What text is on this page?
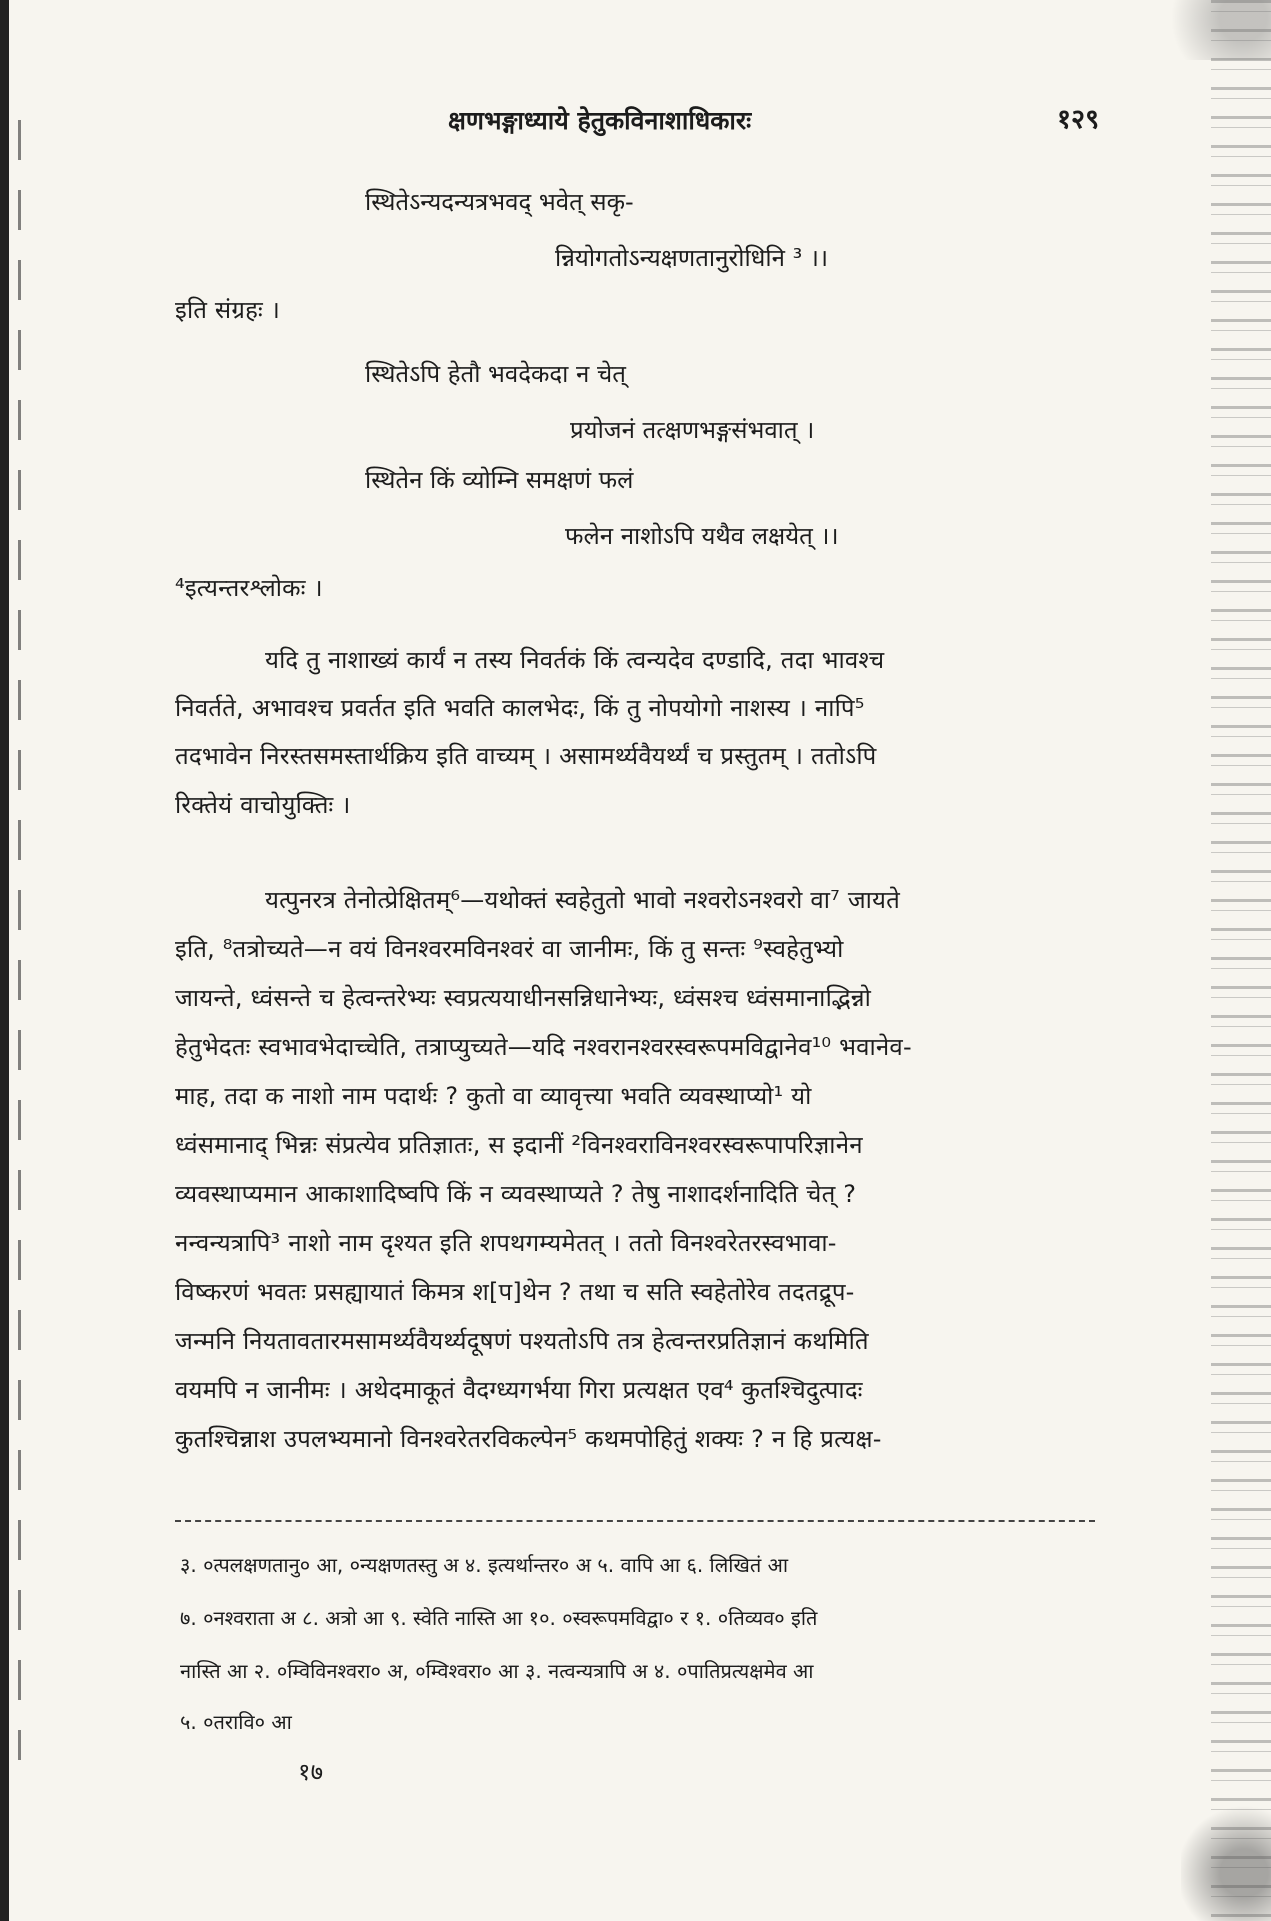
क्षणभङ्गाध्याये हेतुकविनाशाधिकारः	१२९
स्थितेऽन्यदन्यत्रभवद् भवेत् सकृ-
न्नियोगतोऽन्यक्षणतानुरोधिनि ³ ।।
इति संग्रहः ।
स्थितेऽपि हेतौ भवदेकदा न चेत्
प्रयोजनं तत्क्षणभङ्गसंभवात् ।
स्थितेन किं व्योम्नि समक्षणं फलं
फलेन नाशोऽपि यथैव लक्षयेत् ।।
⁴इत्यन्तरश्लोकः ।
यदि तु नाशाख्यं कार्यं न तस्य निवर्तकं किं त्वन्यदेव दण्डादि, तदा भावश्च
निवर्तते, अभावश्च प्रवर्तत इति भवति कालभेदः, किं तु नोपयोगो नाशस्य । नापि⁵
तदभावेन निरस्तसमस्तार्थक्रिय इति वाच्यम् । असामर्थ्यवैयर्थ्यं च प्रस्तुतम् । ततोऽपि
रिक्तेयं वाचोयुक्तिः ।
यत्पुनरत्र तेनोत्प्रेक्षितम्⁶—यथोक्तं स्वहेतुतो भावो नश्वरोऽनश्वरो वा⁷ जायते
इति, ⁸तत्रोच्यते—न वयं विनश्वरमविनश्वरं वा जानीमः, किं तु सन्तः ⁹स्वहेतुभ्यो
जायन्ते, ध्वंसन्ते च हेत्वन्तरेभ्यः स्वप्रत्ययाधीनसन्निधानेभ्यः, ध्वंसश्च ध्वंसमानाद्भिन्नो
हेतुभेदतः स्वभावभेदाच्चेति, तत्राप्युच्यते—यदि नश्वरानश्वरस्वरूपमविद्वानेव¹⁰ भवानेव-
माह, तदा क नाशो नाम पदार्थः ? कुतो वा व्यावृत्त्या भवति व्यवस्थाप्यो¹ यो
ध्वंसमानाद् भिन्नः संप्रत्येव प्रतिज्ञातः, स इदानीं ²विनश्वराविनश्वरस्वरूपापरिज्ञानेन
व्यवस्थाप्यमान आकाशादिष्वपि किं न व्यवस्थाप्यते ? तेषु नाशादर्शनादिति चेत् ?
नन्वन्यत्रापि³ नाशो नाम दृश्यत इति शपथगम्यमेतत् । ततो विनश्वरेतरस्वभावा-
विष्करणं भवतः प्रसह्यायातं किमत्र श[प]थेन ? तथा च सति स्वहेतोरेव तदतद्रूप-
जन्मनि नियतावतारमसामर्थ्यवैयर्थ्यदूषणं पश्यतोऽपि तत्र हेत्वन्तरप्रतिज्ञानं कथमिति
वयमपि न जानीमः । अथेदमाकूतं वैदग्ध्यगर्भया गिरा प्रत्यक्षत एव⁴ कुतश्चिदुत्पादः
कुतश्चिन्नाश उपलभ्यमानो विनश्वरेतरविकल्पेन⁵ कथमपोहितुं शक्यः ? न हि प्रत्यक्ष-
३. ०त्पलक्षणतानु० आ, ०न्यक्षणतस्तु अ ४. इत्यर्थान्तर० अ ५. वापि आ ६. लिखितं आ
७. ०नश्वराता अ ८. अत्रो आ ९. स्वेति नास्ति आ १०. ०स्वरूपमविद्वा० र १. ०तिव्यव० इति
नास्ति आ २. ०म्विविनश्वरा० अ, ०म्विश्वरा० आ ३. नत्वन्यत्रापि अ ४. ०पातिप्रत्यक्षमेव आ
५. ०तरावि० आ
१७
